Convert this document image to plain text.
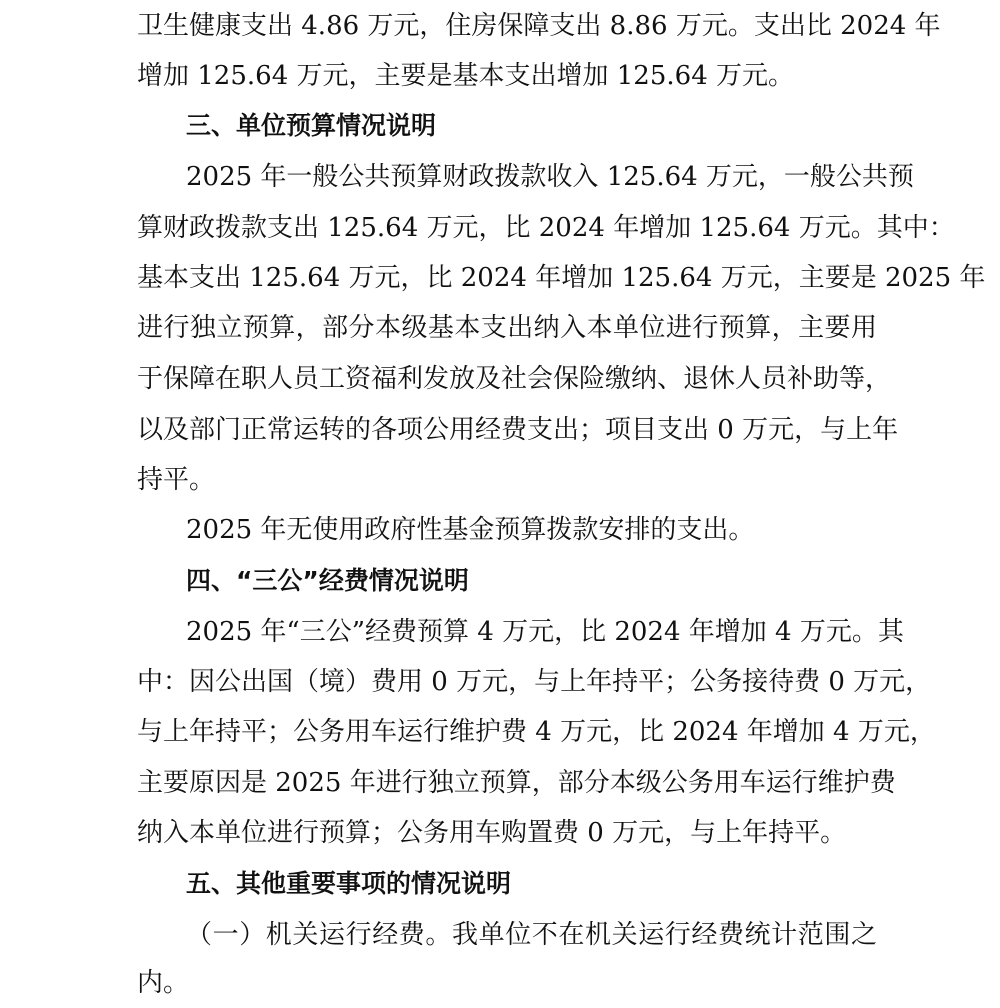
卫生健康支出 4.86 万元，住房保障支出 8.86 万元。支出比 2024 年
增加 125.64 万元，主要是基本支出增加 125.64 万元。
三、单位预算情况说明
2025 年一般公共预算财政拨款收入 125.64 万元，一般公共预
算财政拨款支出 125.64 万元，比 2024 年增加 125.64 万元。其中：
基本支出 125.64 万元，比 2024 年增加 125.64 万元，主要是 2025 年
进行独立预算，部分本级基本支出纳入本单位进行预算，主要用
于保障在职人员工资福利发放及社会保险缴纳、退休人员补助等，
以及部门正常运转的各项公用经费支出；项目支出 0 万元，与上年
持平。
2025 年无使用政府性基金预算拨款安排的支出。
四、“三公”经费情况说明
2025 年“三公”经费预算 4 万元，比 2024 年增加 4 万元。其
中：因公出国（境）费用 0 万元，与上年持平；公务接待费 0 万元，
与上年持平；公务用车运行维护费 4 万元，比 2024 年增加 4 万元，
主要原因是 2025 年进行独立预算，部分本级公务用车运行维护费
纳入本单位进行预算；公务用车购置费 0 万元，与上年持平。
五、其他重要事项的情况说明
（一）机关运行经费。我单位不在机关运行经费统计范围之
内。
